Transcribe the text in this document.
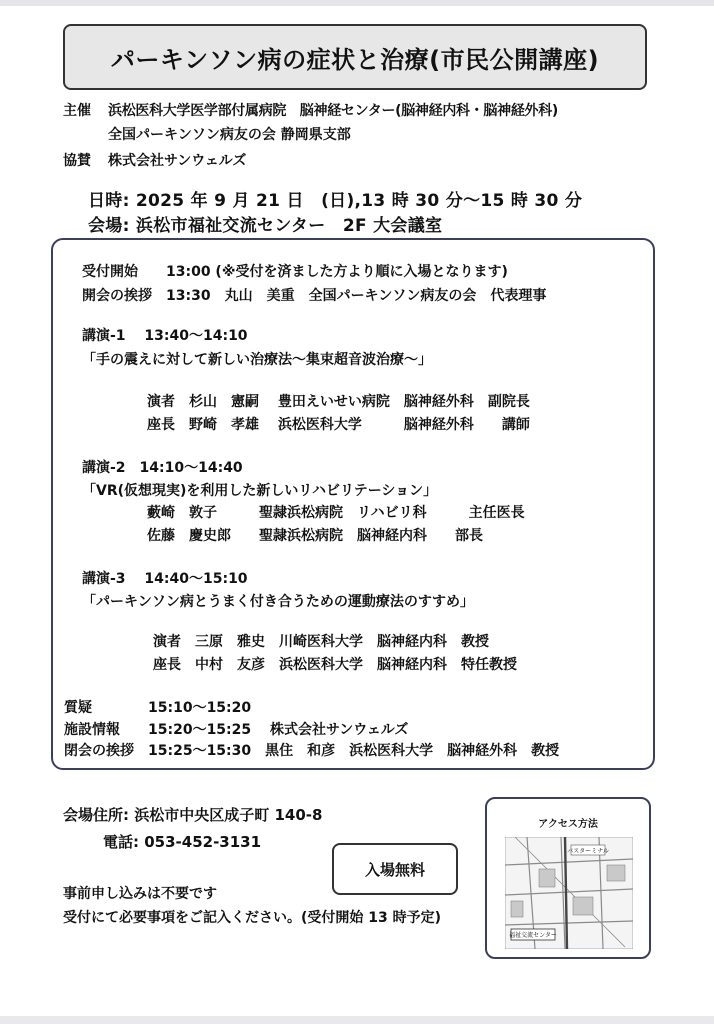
パーキンソン病の症状と治療(市民公開講座)
主催 浜松医科大学医学部付属病院　脳神経センター(脳神経内科・脳神経外科)
全国パーキンソン病友の会 静岡県支部
協賛 株式会社サンウェルズ
日時: 2025 年 9 月 21 日　(日),13 時 30 分〜15 時 30 分
会場: 浜松市福祉交流センター　2F 大会議室
受付開始　　13:00 (※受付を済ました方より順に入場となります)
開会の挨拶　13:30　丸山　美重　全国パーキンソン病友の会　代表理事
講演-1　 13:40〜14:10
「手の震えに対して新しい治療法〜集束超音波治療〜」
演者　杉山　憲嗣　 豊田えいせい病院　脳神経外科　副院長
座長　野崎　孝雄　 浜松医科大学　　　脳神経外科　　講師
講演-2　14:10〜14:40
「VR(仮想現実)を利用した新しいリハビリテーション」
藪崎　敦子　　　聖隷浜松病院　リハビリ科　　　主任医長
佐藤　慶史郎　　聖隷浜松病院　脳神経内科　　部長
講演-3　 14:40〜15:10
「パーキンソン病とうまく付き合うための運動療法のすすめ」
演者　三原　雅史　川崎医科大学　脳神経内科　教授
座長　中村　友彦　浜松医科大学　脳神経内科　特任教授
質疑　　　　15:10〜15:20
施設情報　　15:20〜15:25　 株式会社サンウェルズ
閉会の挨拶　15:25〜15:30　黒住　和彦　浜松医科大学　脳神経外科　教授
会場住所: 浜松市中央区成子町 140-8
電話: 053-452-3131
入場無料
事前申し込みは不要です
受付にて必要事項をご記入ください。(受付開始 13 時予定)
アクセス方法
バスターミナル
福祉交流センター
